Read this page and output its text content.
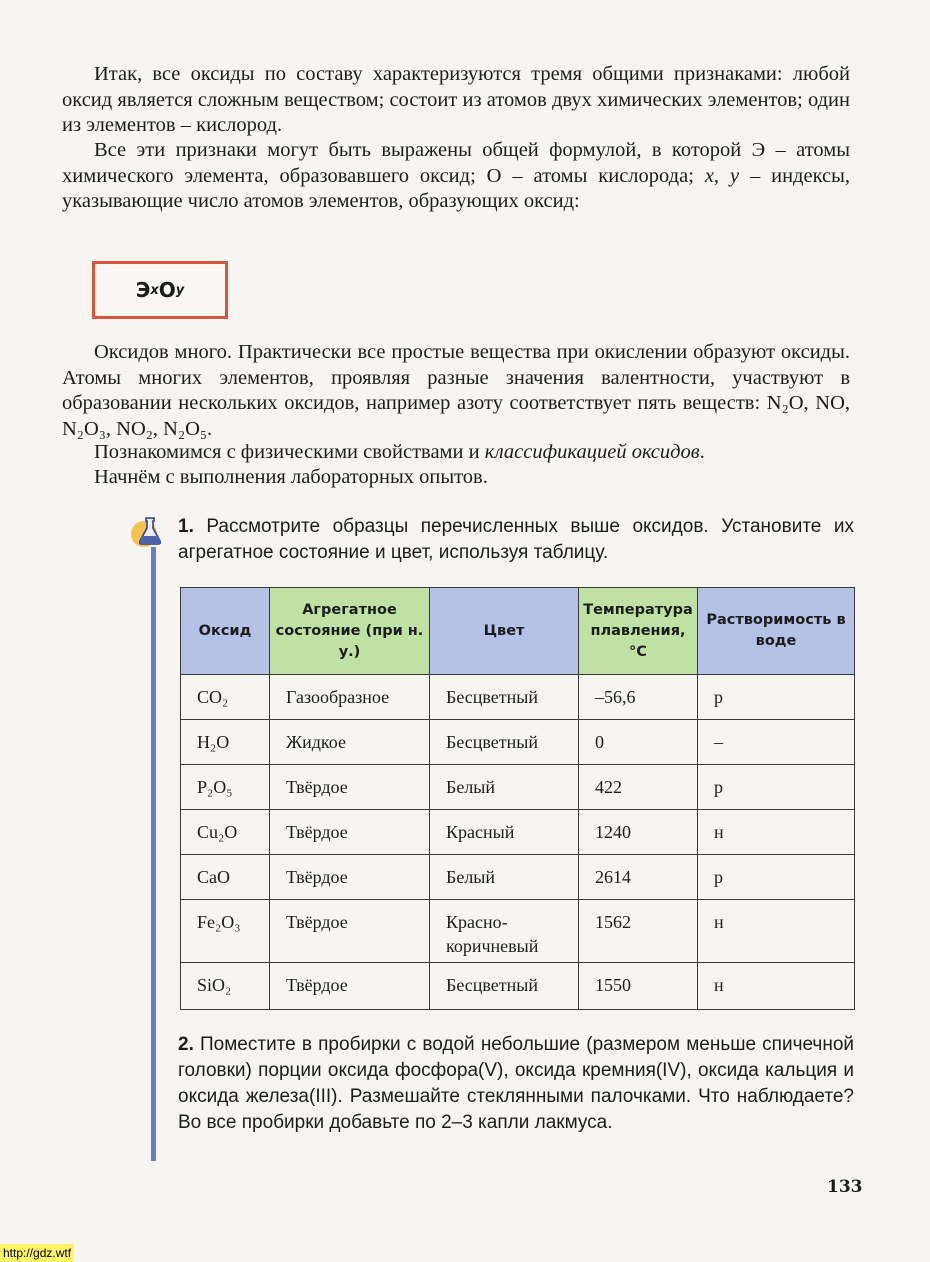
Итак, все оксиды по составу характеризуются тремя общими признаками: любой оксид является сложным веществом; состоит из атомов двух химических элементов; один из элементов – кислород.

Все эти признаки могут быть выражены общей формулой, в которой Э – атомы химического элемента, образовавшего оксид; О – атомы кислорода; x, y – индексы, указывающие число атомов элементов, образующих оксид:

Э x O y

Оксидов много. Практически все простые вещества при окислении образуют оксиды. Атомы многих элементов, проявляя разные значения валентности, участвуют в образовании нескольких оксидов, например азоту соответствует пять веществ: N₂O, NO, N₂O₃, NO₂, N₂O₅.

Познакомимся с физическими свойствами и классификацией оксидов.

Начнём с выполнения лабораторных опытов.

1. Рассмотрите образцы перечисленных выше оксидов. Установите их агрегатное состояние и цвет, используя таблицу.

Оксид	Агрегатное состояние (при н. у.)	Цвет	Температура плавления, °C	Растворимость в воде
CO₂	Газообразное	Бесцветный	–56,6	р
H₂O	Жидкое	Бесцветный	0	–
P₂O₅	Твёрдое	Белый	422	р
Cu₂O	Твёрдое	Красный	1240	н
CaO	Твёрдое	Белый	2614	р
Fe₂O₃	Твёрдое	Красно-коричневый	1562	н
SiO₂	Твёрдое	Бесцветный	1550	н

2. Поместите в пробирки с водой небольшие (размером меньше спичечной головки) порции оксида фосфора(V), оксида кремния(IV), оксида кальция и оксида железа(III). Размешайте стеклянными палочками. Что наблюдаете? Во все пробирки добавьте по 2–3 капли лакмуса.

133
http://gdz.wtf
